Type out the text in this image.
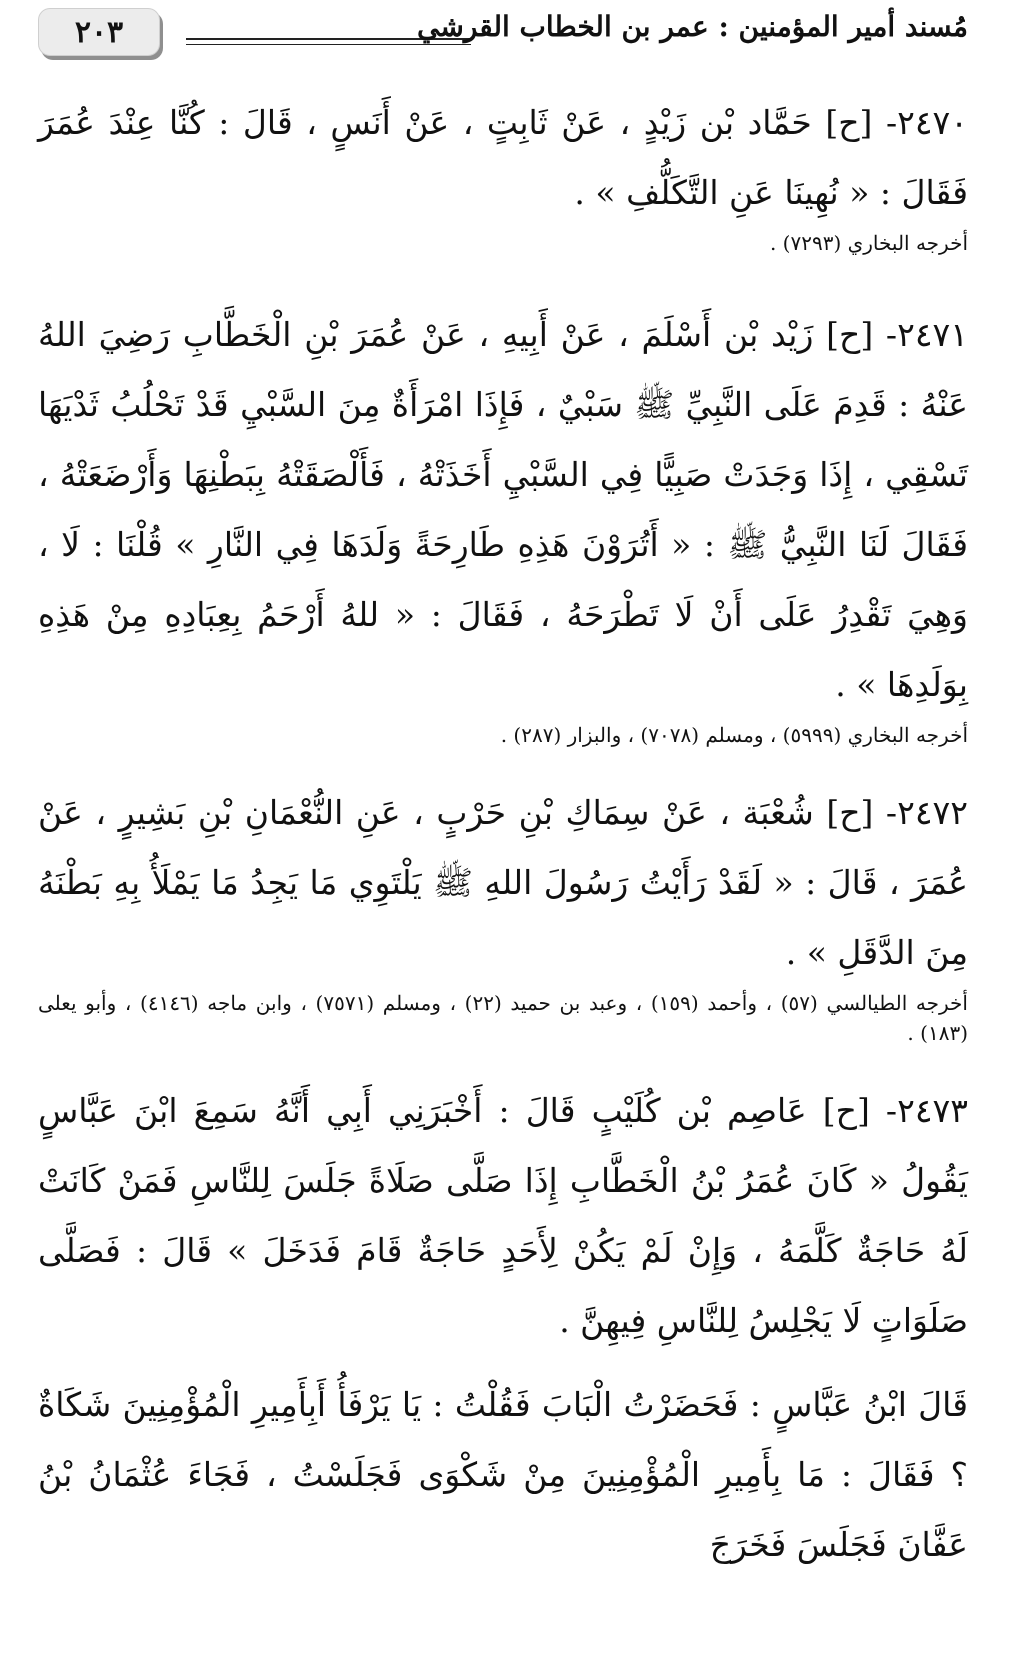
٢٠٣	مُسند أمير المؤمنين : عمر بن الخطاب القرشي

٢٤٧٠- [ح] حَمَّاد بْن زَيْدٍ ، عَنْ ثَابِتٍ ، عَنْ أَنَسٍ ، قَالَ : كُنَّا عِنْدَ عُمَرَ فَقَالَ : « نُهِينَا عَنِ التَّكَلُّفِ » .

أخرجه البخاري (٧٢٩٣) .

٢٤٧١- [ح] زَيْد بْن أَسْلَمَ ، عَنْ أَبِيهِ ، عَنْ عُمَرَ بْنِ الْخَطَّابِ رَضِيَ اللهُ عَنْهُ : قَدِمَ عَلَى النَّبِيِّ ﷺ سَبْيٌ ، فَإِذَا امْرَأَةٌ مِنَ السَّبْيِ قَدْ تَحْلُبُ ثَدْيَهَا تَسْقِي ، إِذَا وَجَدَتْ صَبِيًّا فِي السَّبْيِ أَخَذَتْهُ ، فَأَلْصَقَتْهُ بِبَطْنِهَا وَأَرْضَعَتْهُ ، فَقَالَ لَنَا النَّبِيُّ ﷺ : « أَتُرَوْنَ هَذِهِ طَارِحَةً وَلَدَهَا فِي النَّارِ » قُلْنَا : لَا ، وَهِيَ تَقْدِرُ عَلَى أَنْ لَا تَطْرَحَهُ ، فَقَالَ : « للهُ أَرْحَمُ بِعِبَادِهِ مِنْ هَذِهِ بِوَلَدِهَا » .

أخرجه البخاري (٥٩٩٩) ، ومسلم (٧٠٧٨) ، والبزار (٢٨٧) .

٢٤٧٢- [ح] شُعْبَة ، عَنْ سِمَاكِ بْنِ حَرْبٍ ، عَنِ النُّعْمَانِ بْنِ بَشِيرٍ ، عَنْ عُمَرَ ، قَالَ : « لَقَدْ رَأَيْتُ رَسُولَ اللهِ ﷺ يَلْتَوِي مَا يَجِدُ مَا يَمْلَأُ بِهِ بَطْنَهُ مِنَ الدَّقَلِ » .

أخرجه الطيالسي (٥٧) ، وأحمد (١٥٩) ، وعبد بن حميد (٢٢) ، ومسلم (٧٥٧١) ، وابن ماجه (٤١٤٦) ، وأبو يعلى (١٨٣) .

٢٤٧٣- [ح] عَاصِم بْن كُلَيْبٍ قَالَ : أَخْبَرَنِي أَبِي أَنَّهُ سَمِعَ ابْنَ عَبَّاسٍ يَقُولُ « كَانَ عُمَرُ بْنُ الْخَطَّابِ إِذَا صَلَّى صَلَاةً جَلَسَ لِلنَّاسِ فَمَنْ كَانَتْ لَهُ حَاجَةٌ كَلَّمَهُ ، وَإِنْ لَمْ يَكُنْ لِأَحَدٍ حَاجَةٌ قَامَ فَدَخَلَ » قَالَ : فَصَلَّى صَلَوَاتٍ لَا يَجْلِسُ لِلنَّاسِ فِيهِنَّ .

قَالَ ابْنُ عَبَّاسٍ : فَحَضَرْتُ الْبَابَ فَقُلْتُ : يَا يَرْفَأُ أَبِأَمِيرِ الْمُؤْمِنِينَ شَكَاةٌ ؟ فَقَالَ : مَا بِأَمِيرِ الْمُؤْمِنِينَ مِنْ شَكْوَى فَجَلَسْتُ ، فَجَاءَ عُثْمَانُ بْنُ عَفَّانَ فَجَلَسَ فَخَرَجَ
